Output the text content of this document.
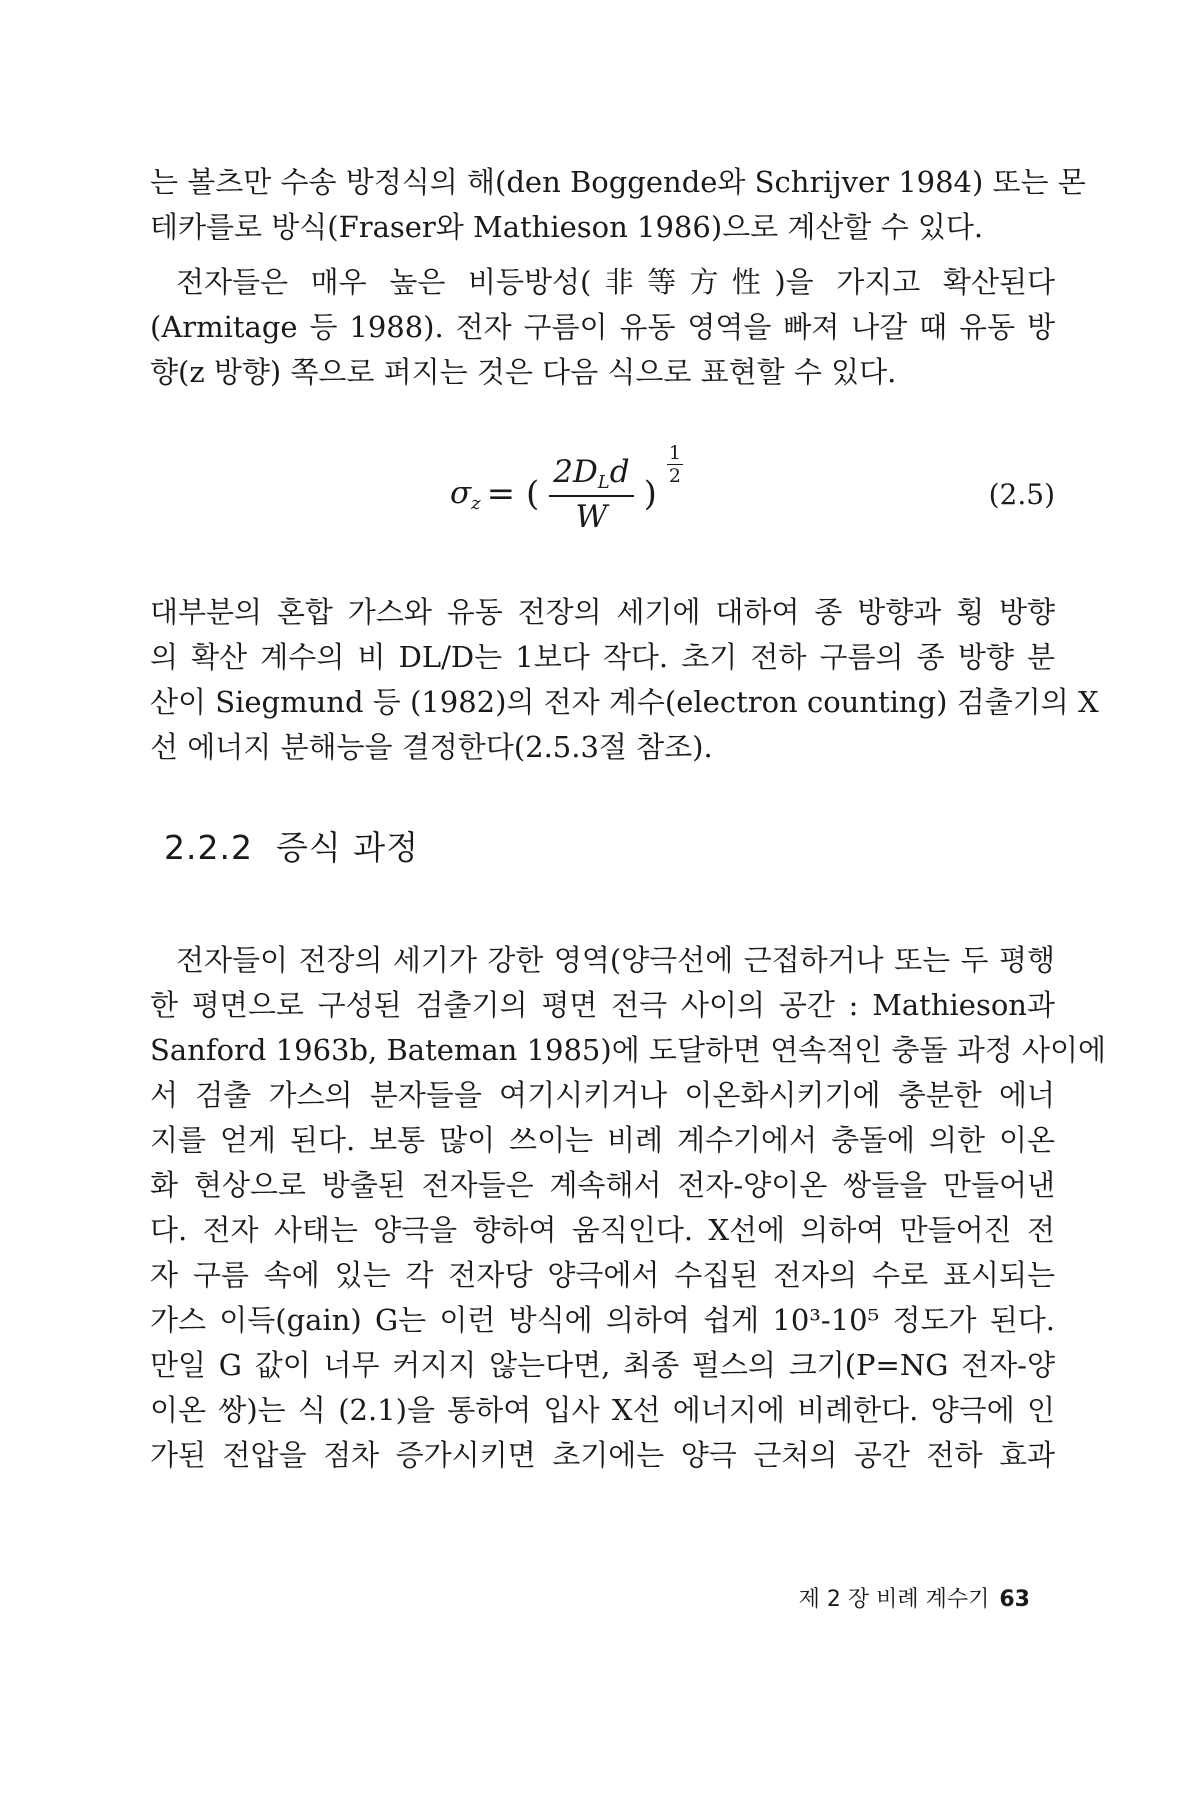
는 볼츠만 수송 방정식의 해(den Boggende와 Schrijver 1984) 또는 몬
테카를로 방식(Fraser와 Mathieson 1986)으로 계산할 수 있다.
전자들은 매우 높은 비등방성(非等方性)을 가지고 확산된다
(Armitage 등 1988). 전자 구름이 유동 영역을 빠져 나갈 때 유동 방
향(z 방향) 쪽으로 퍼지는 것은 다음 식으로 표현할 수 있다.
σz = ( $\frac{\text{2DLd}}{W}$ )
$\frac{1}{2}$
(2.5)
대부분의 혼합 가스와 유동 전장의 세기에 대하여 종 방향과 횡 방향
의 확산 계수의 비 DL/D는 1보다 작다. 초기 전하 구름의 종 방향 분
산이 Siegmund 등 (1982)의 전자 계수(electron counting) 검출기의 X
선 에너지 분해능을 결정한다(2.5.3절 참조).
2.2.2 증식 과정
전자들이 전장의 세기가 강한 영역(양극선에 근접하거나 또는 두 평행
한 평면으로 구성된 검출기의 평면 전극 사이의 공간 : Mathieson과
Sanford 1963b, Bateman 1985)에 도달하면 연속적인 충돌 과정 사이에
서 검출 가스의 분자들을 여기시키거나 이온화시키기에 충분한 에너
지를 얻게 된다. 보통 많이 쓰이는 비례 계수기에서 충돌에 의한 이온
화 현상으로 방출된 전자들은 계속해서 전자-양이온 쌍들을 만들어낸
다. 전자 사태는 양극을 향하여 움직인다. X선에 의하여 만들어진 전
자 구름 속에 있는 각 전자당 양극에서 수집된 전자의 수로 표시되는
가스 이득(gain) G는 이런 방식에 의하여 쉽게 10³-10⁵ 정도가 된다.
만일 G 값이 너무 커지지 않는다면, 최종 펄스의 크기(P=NG 전자-양
이온 쌍)는 식 (2.1)을 통하여 입사 X선 에너지에 비례한다. 양극에 인
가된 전압을 점차 증가시키면 초기에는 양극 근처의 공간 전하 효과
제 2 장 비례 계수기 63
